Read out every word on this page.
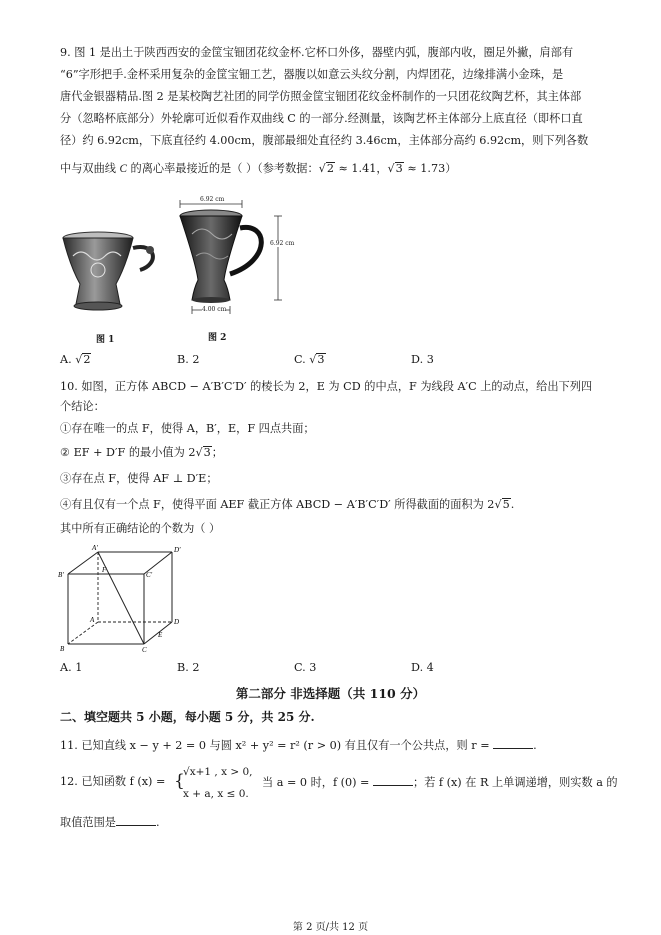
9. 图 1 是出土于陕西西安的金筐宝钿团花纹金杯.它杯口外侈，器壁内弧，腹部内收，圈足外撇，肩部有
“6”字形把手.金杯采用复杂的金筐宝钿工艺，器腹以如意云头纹分割，内焊团花，边缘排满小金珠，是
唐代金银器精品.图 2 是某校陶艺社团的同学仿照金筐宝钿团花纹金杯制作的一只团花纹陶艺杯，其主体部
分（忽略杯底部分）外轮廓可近似看作双曲线 C 的一部分.经测量，该陶艺杯主体部分上底直径（即杯口直
径）约 6.92cm，下底直径约 4.00cm，腹部最细处直径约 3.46cm，主体部分高约 6.92cm，则下列各数
中与双曲线 C 的离心率最接近的是（ ）（参考数据：√2 ≈ 1.41，√3 ≈ 1.73）
图 1
6.92 cm
6.92 cm
4.00 cm
图 2
A. √2	B. 2	C. √3	D. 3
10. 如图，正方体 ABCD − A′B′C′D′ 的棱长为 2，E 为 CD 的中点，F 为线段 A′C 上的动点，给出下列四
个结论：
①存在唯一的点 F，使得 A，B′，E，F 四点共面；
② EF + D′F 的最小值为 2√3；
③存在点 F，使得 AF ⊥ D′E；
④有且仅有一个点 F，使得平面 AEF 截正方体 ABCD − A′B′C′D′ 所得截面的面积为 2√5.
其中所有正确结论的个数为（ ）
A′	D′
B′	C′
F
A	D
E
B	C
A. 1	B. 2	C. 3	D. 4
第二部分 非选择题（共 110 分）
二、填空题共 5 小题，每小题 5 分，共 25 分.
11. 已知直线 x − y + 2 = 0 与圆 x² + y² = r² (r > 0) 有且仅有一个公共点，则 r =	.
12. 已知函数 f (x) = {
√x+1 , x > 0,
x + a, x ≤ 0.
当 a = 0 时，f (0) =	；若 f (x) 在 R 上单调递增，则实数 a 的
取值范围是	.
第 2 页/共 12 页
